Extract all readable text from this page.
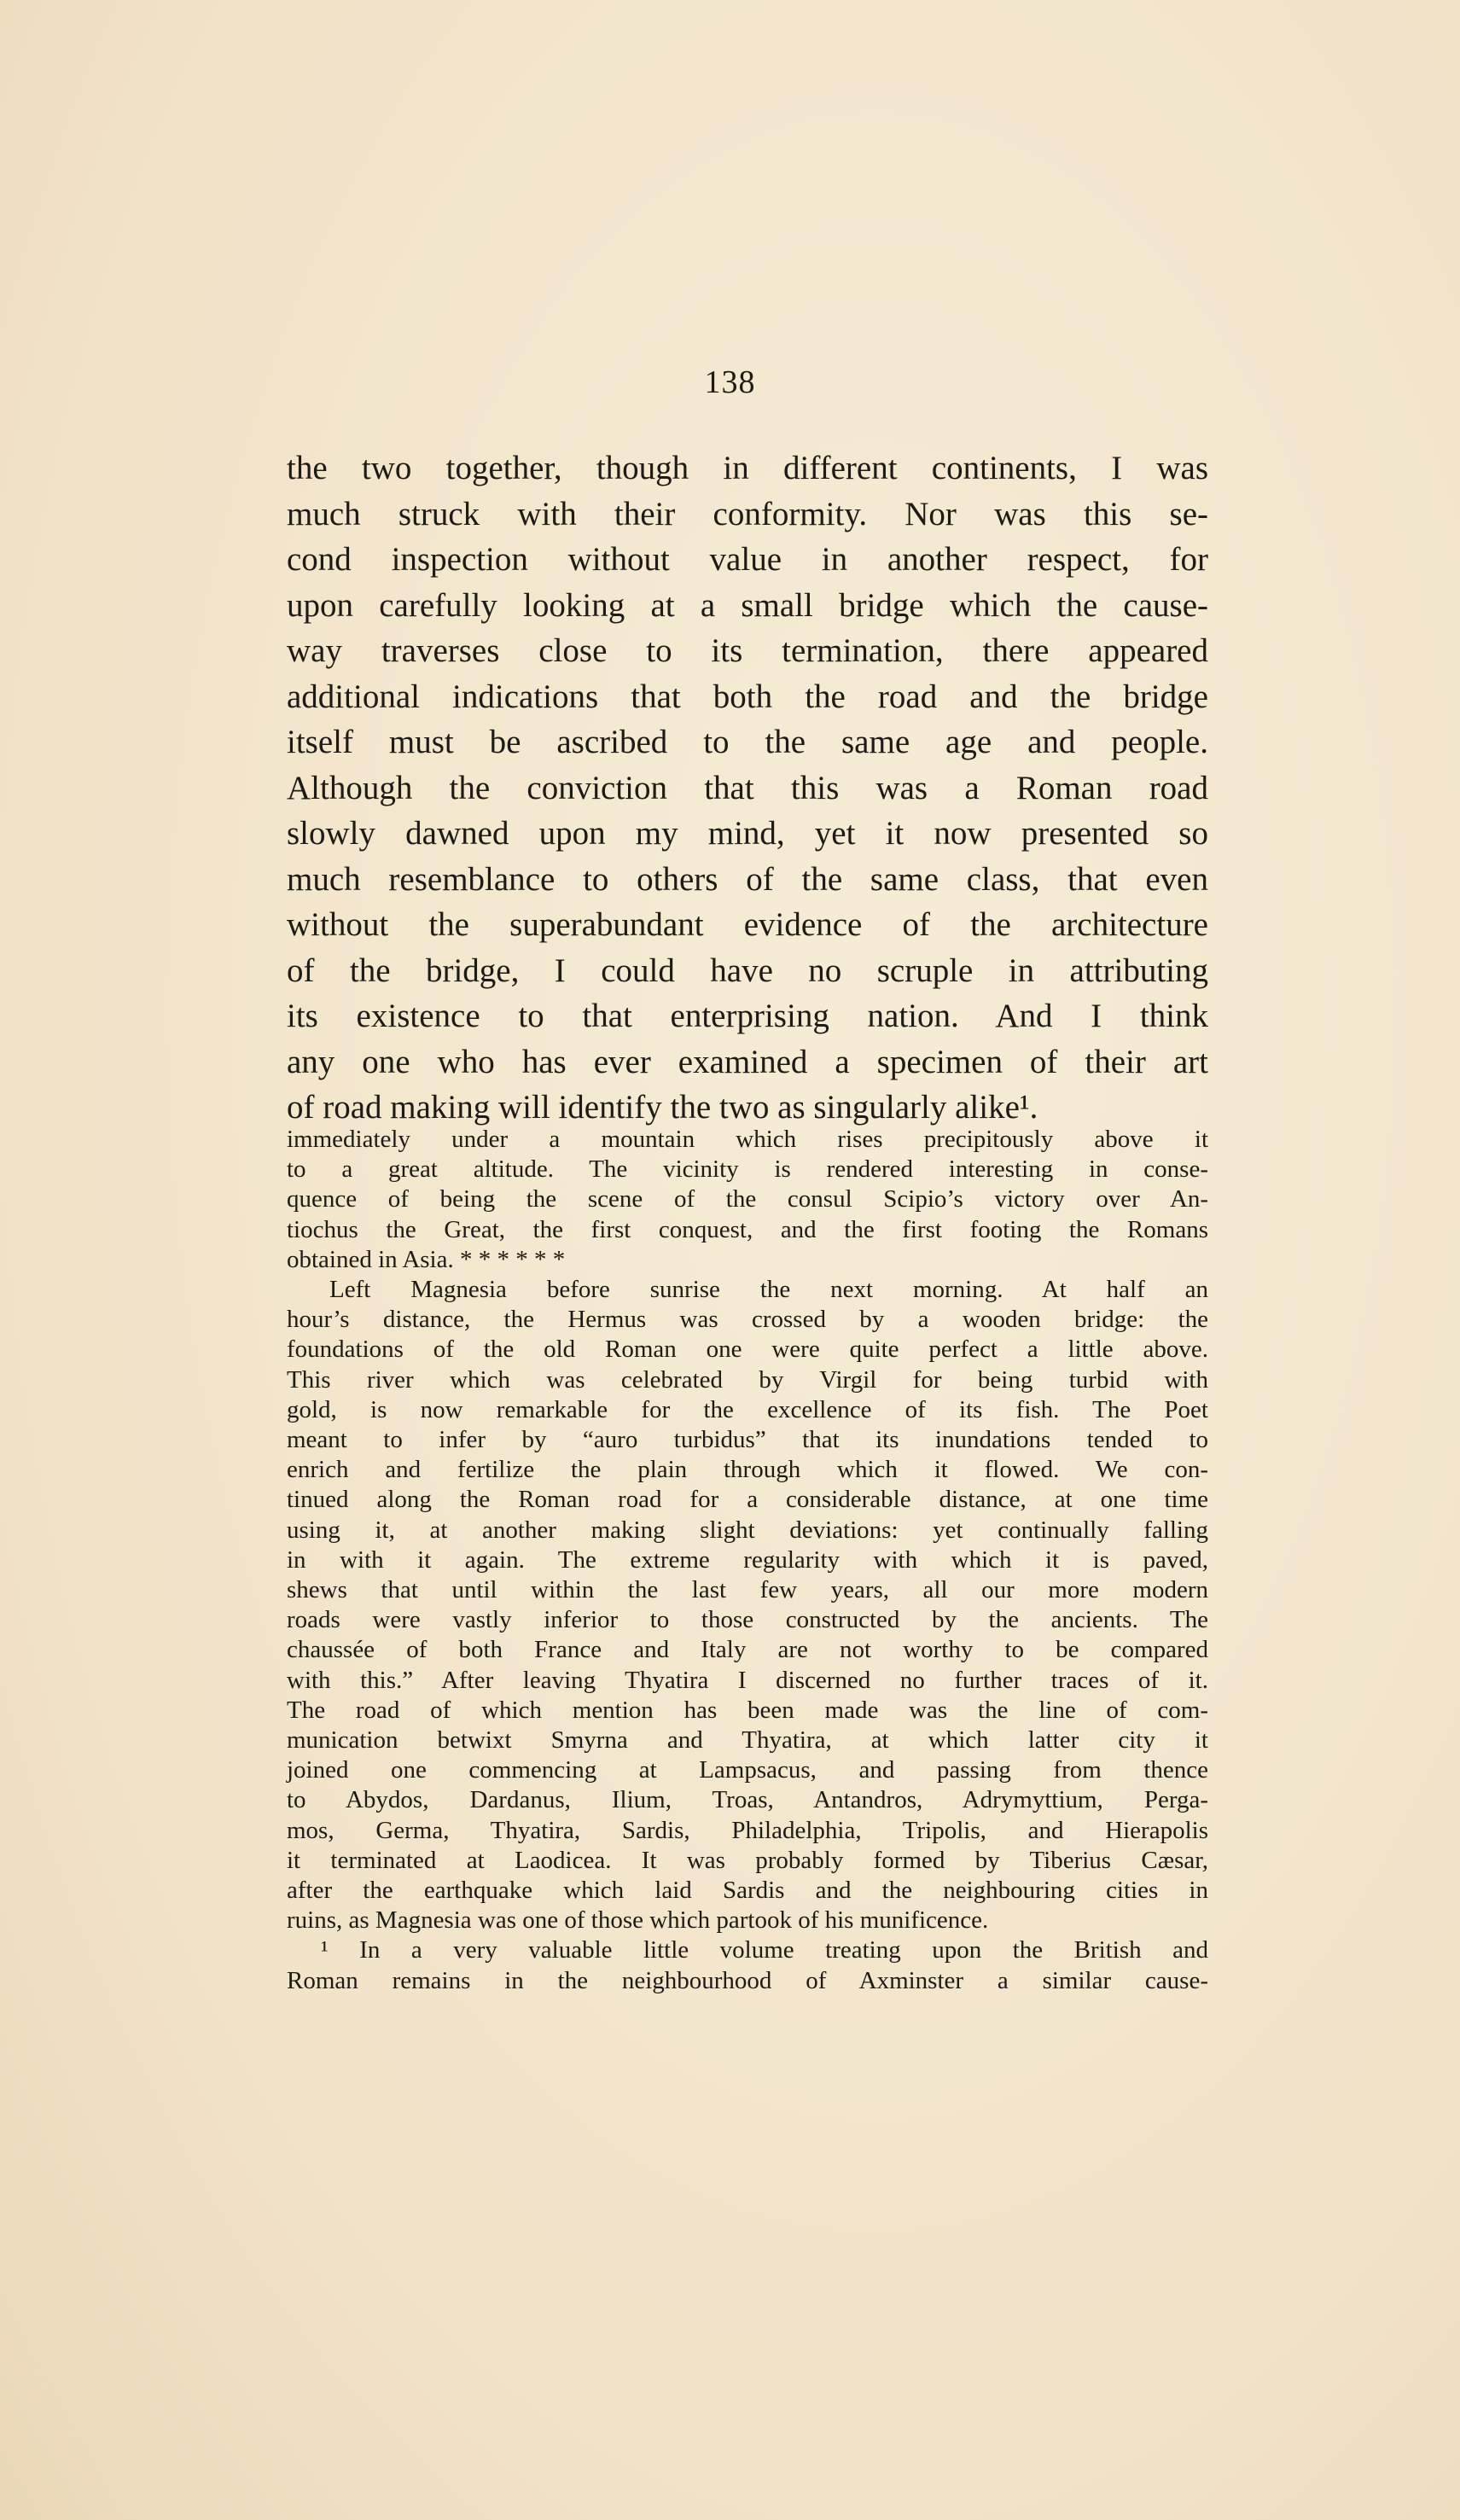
138
the two together, though in different continents, I was
much struck with their conformity. Nor was this se-
cond inspection without value in another respect, for
upon carefully looking at a small bridge which the cause-
way traverses close to its termination, there appeared
additional indications that both the road and the bridge
itself must be ascribed to the same age and people.
Although the conviction that this was a Roman road
slowly dawned upon my mind, yet it now presented so
much resemblance to others of the same class, that even
without the superabundant evidence of the architecture
of the bridge, I could have no scruple in attributing
its existence to that enterprising nation. And I think
any one who has ever examined a specimen of their art
of road making will identify the two as singularly alike¹.
immediately under a mountain which rises precipitously above it
to a great altitude. The vicinity is rendered interesting in conse-
quence of being the scene of the consul Scipio’s victory over An-
tiochus the Great, the first conquest, and the first footing the Romans
obtained in Asia. * * * * * *
Left Magnesia before sunrise the next morning. At half an
hour’s distance, the Hermus was crossed by a wooden bridge: the
foundations of the old Roman one were quite perfect a little above.
This river which was celebrated by Virgil for being turbid with
gold, is now remarkable for the excellence of its fish. The Poet
meant to infer by “auro turbidus” that its inundations tended to
enrich and fertilize the plain through which it flowed. We con-
tinued along the Roman road for a considerable distance, at one time
using it, at another making slight deviations: yet continually falling
in with it again. The extreme regularity with which it is paved,
shews that until within the last few years, all our more modern
roads were vastly inferior to those constructed by the ancients. The
chaussée of both France and Italy are not worthy to be compared
with this.” After leaving Thyatira I discerned no further traces of it.
The road of which mention has been made was the line of com-
munication betwixt Smyrna and Thyatira, at which latter city it
joined one commencing at Lampsacus, and passing from thence
to Abydos, Dardanus, Ilium, Troas, Antandros, Adrymyttium, Perga-
mos, Germa, Thyatira, Sardis, Philadelphia, Tripolis, and Hierapolis
it terminated at Laodicea. It was probably formed by Tiberius Cæsar,
after the earthquake which laid Sardis and the neighbouring cities in
ruins, as Magnesia was one of those which partook of his munificence.
¹ In a very valuable little volume treating upon the British and
Roman remains in the neighbourhood of Axminster a similar cause-
